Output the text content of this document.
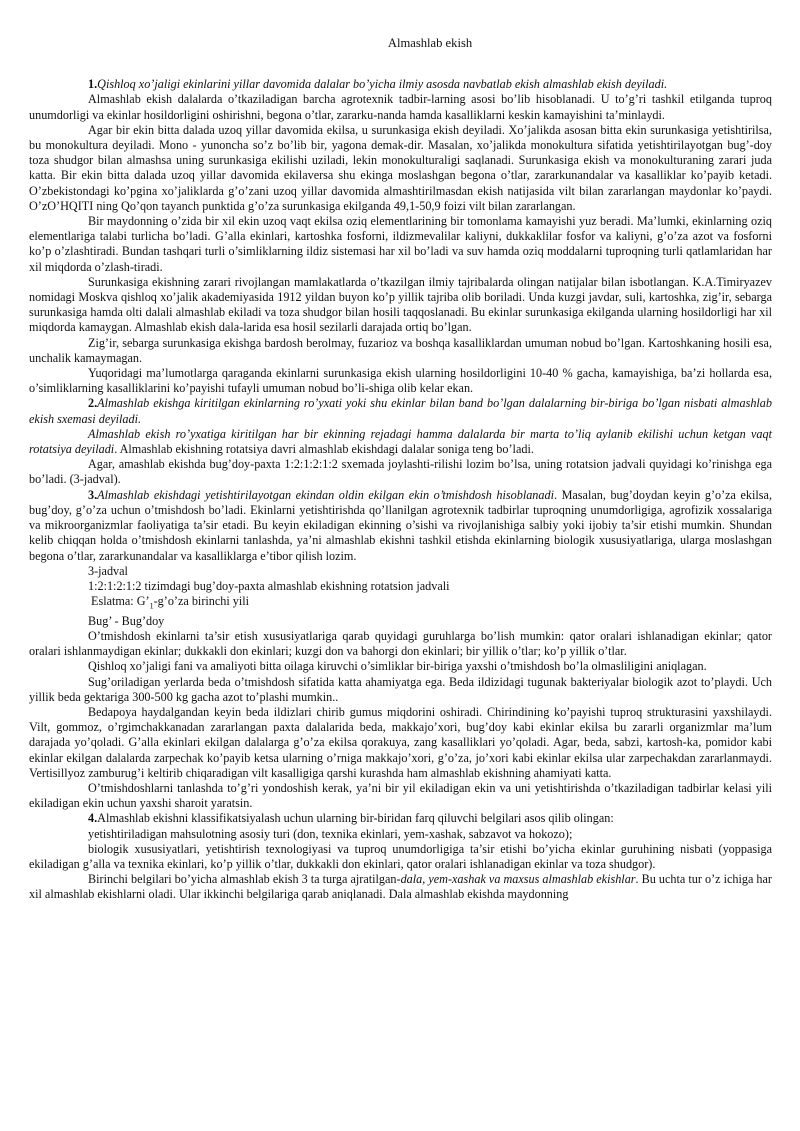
Almashlab ekish

1.Qishloq xo’jaligi ekinlarini yillar davomida dalalar bo’yicha ilmiy asosda navbatlab ekish almashlab ekish deyiladi.

Almashlab ekish dalalarda o’tkaziladigan barcha agrotexnik tadbir-larning asosi bo’lib hisoblanadi. U to’g’ri tashkil etilganda tuproq unumdorligi va ekinlar hosildorligini oshirishni, begona o’tlar, zararku-nanda hamda kasalliklarni keskin kamayishini ta’minlaydi.

Agar bir ekin bitta dalada uzoq yillar davomida ekilsa, u surunkasiga ekish deyiladi. Xo’jalikda asosan bitta ekin surunkasiga yetishtirilsa, bu monokultura deyiladi. Mono - yunoncha so’z bo’lib bir, yagona demak-dir. Masalan, xo’jalikda monokultura sifatida yetishtirilayotgan bug’-doy toza shudgor bilan almashsa uning surunkasiga ekilishi uziladi, lekin monokulturaligi saqlanadi. Surunkasiga ekish va monokulturaning zarari juda katta. Bir ekin bitta dalada uzoq yillar davomida ekilaversa shu ekinga moslashgan begona o’tlar, zararkunandalar va kasalliklar ko’payib ketadi. O’zbekistondagi ko’pgina xo’jaliklarda g’o’zani uzoq yillar davomida almashtirilmasdan ekish natijasida vilt bilan zararlangan maydonlar ko’paydi. O’zO’HQITI ning Qo’qon tayanch punktida g’o’za surunkasiga ekilganda 49,1-50,9 foizi vilt bilan zararlangan.

Bir maydonning o’zida bir xil ekin uzoq vaqt ekilsa oziq elementlarining bir tomonlama kamayishi yuz beradi. Ma’lumki, ekinlarning oziq elementlariga talabi turlicha bo’ladi. G’alla ekinlari, kartoshka fosforni, ildizmevalilar kaliyni, dukkaklilar fosfor va kaliyni, g’o’za azot va fosforni ko’p o’zlashtiradi. Bundan tashqari turli o’simliklarning ildiz sistemasi har xil bo’ladi va suv hamda oziq moddalarni tuproqning turli qatlamlaridan har xil miqdorda o’zlash-tiradi.

Surunkasiga ekishning zarari rivojlangan mamlakatlarda o’tkazilgan ilmiy tajribalarda olingan natijalar bilan isbotlangan. K.A.Timiryazev nomidagi Moskva qishloq xo’jalik akademiyasida 1912 yildan buyon ko’p yillik tajriba olib boriladi. Unda kuzgi javdar, suli, kartoshka, zig’ir, sebarga surunkasiga hamda olti dalali almashlab ekiladi va toza shudgor bilan hosili taqqoslanadi. Bu ekinlar surunkasiga ekilganda ularning hosildorligi har xil miqdorda kamaygan. Almashlab ekish dala-larida esa hosil sezilarli darajada ortiq bo’lgan.

Zig’ir, sebarga surunkasiga ekishga bardosh berolmay, fuzarioz va boshqa kasalliklardan umuman nobud bo’lgan. Kartoshkaning hosili esa, unchalik kamaymagan.

Yuqoridagi ma’lumotlarga qaraganda ekinlarni surunkasiga ekish ularning hosildorligini 10-40 % gacha, kamayishiga, ba’zi hollarda esa, o’simliklarning kasalliklarini ko’payishi tufayli umuman nobud bo’li-shiga olib kelar ekan.

2.Almashlab ekishga kiritilgan ekinlarning ro’yxati yoki shu ekinlar bilan band bo’lgan dalalarning bir-biriga bo’lgan nisbati almashlab ekish sxemasi deyiladi.

Almashlab ekish ro’yxatiga kiritilgan har bir ekinning rejadagi hamma dalalarda bir marta to’liq aylanib ekilishi uchun ketgan vaqt rotatsiya deyiladi. Almashlab ekishning rotatsiya davri almashlab ekishdagi dalalar soniga teng bo’ladi.

Agar, amashlab ekishda bug’doy-paxta 1:2:1:2:1:2 sxemada joylashti-rilishi lozim bo’lsa, uning rotatsion jadvali quyidagi ko’rinishga ega bo’ladi. (3-jadval).

3.Almashlab ekishdagi yetishtirilayotgan ekindan oldin ekilgan ekin o’tmishdosh hisoblanadi. Masalan, bug’doydan keyin g’o’za ekilsa, bug’doy, g’o’za uchun o’tmishdosh bo’ladi. Ekinlarni yetishtirishda qo’llanilgan agrotexnik tadbirlar tuproqning unumdorligiga, agrofizik xossalariga va mikroorganizmlar faoliyatiga ta’sir etadi. Bu keyin ekiladigan ekinning o’sishi va rivojlanishiga salbiy yoki ijobiy ta’sir etishi mumkin. Shundan kelib chiqqan holda o’tmishdosh ekinlarni tanlashda, ya’ni almashlab ekishni tashkil etishda ekinlarning biologik xususiyatlariga, ularga moslashgan begona o’tlar, zararkunandalar va kasalliklarga e’tibor qilish lozim.

3-jadval

1:2:1:2:1:2 tizimdagi bug’doy-paxta almashlab ekishning rotatsion jadvali

Eslatma: $G’_1-g’o’za$ birinchi yili

Bug’ - Bug’doy

O’tmishdosh ekinlarni ta’sir etish xususiyatlariga qarab quyidagi guruhlarga bo’lish mumkin: qator oralari ishlanadigan ekinlar; qator oralari ishlanmaydigan ekinlar; dukkakli don ekinlari; kuzgi don va bahorgi don ekinlari; bir yillik o’tlar; ko’p yillik o’tlar.

Qishloq xo’jaligi fani va amaliyoti bitta oilaga kiruvchi o’simliklar bir-biriga yaxshi o’tmishdosh bo’la olmasliligini aniqlagan.

Sug’oriladigan yerlarda beda o’tmishdosh sifatida katta ahamiyatga ega. Beda ildizidagi tugunak bakteriyalar biologik azot to’playdi. Uch yillik beda gektariga 300-500 kg gacha azot to’plashi mumkin..

Bedapoya haydalgandan keyin beda ildizlari chirib gumus miqdorini oshiradi. Chirindining ko’payishi tuproq strukturasini yaxshilaydi. Vilt, gommoz, o’rgimchakkanadan zararlangan paxta dalalarida beda, makkajo’xori, bug’doy kabi ekinlar ekilsa bu zararli organizmlar ma’lum darajada yo’qoladi. G’alla ekinlari ekilgan dalalarga g’o’za ekilsa qorakuya, zang kasalliklari yo’qoladi. Agar, beda, sabzi, kartosh-ka, pomidor kabi ekinlar ekilgan dalalarda zarpechak ko’payib ketsa ularning o’rniga makkajo’xori, g’o’za, jo’xori kabi ekinlar ekilsa ular zarpechakdan zararlanmaydi. Vertisillyoz zamburug’i keltirib chiqaradigan vilt kasalligiga qarshi kurashda ham almashlab ekishning ahamiyati katta.

O’tmishdoshlarni tanlashda to’g’ri yondoshish kerak, ya’ni bir yil ekiladigan ekin va uni yetishtirishda o’tkaziladigan tadbirlar kelasi yili ekiladigan ekin uchun yaxshi sharoit yaratsin.

4.Almashlab ekishni klassifikatsiyalash uchun ularning bir-biridan farq qiluvchi belgilari asos qilib olingan:

yetishtiriladigan mahsulotning asosiy turi (don, texnika ekinlari, yem-xashak, sabzavot va hokozo);

biologik xususiyatlari, yetishtirish texnologiyasi va tuproq unumdorligiga ta’sir etishi bo’yicha ekinlar guruhining nisbati (yoppasiga ekiladigan g’alla va texnika ekinlari, ko’p yillik o’tlar, dukkakli don ekinlari, qator oralari ishlanadigan ekinlar va toza shudgor).

Birinchi belgilari bo’yicha almashlab ekish 3 ta turga ajratilgan-dala, yem-xashak va maxsus almashlab ekishlar. Bu uchta tur o’z ichiga har xil almashlab ekishlarni oladi. Ular ikkinchi belgilariga qarab aniqlanadi. Dala almashlab ekishda maydonning
